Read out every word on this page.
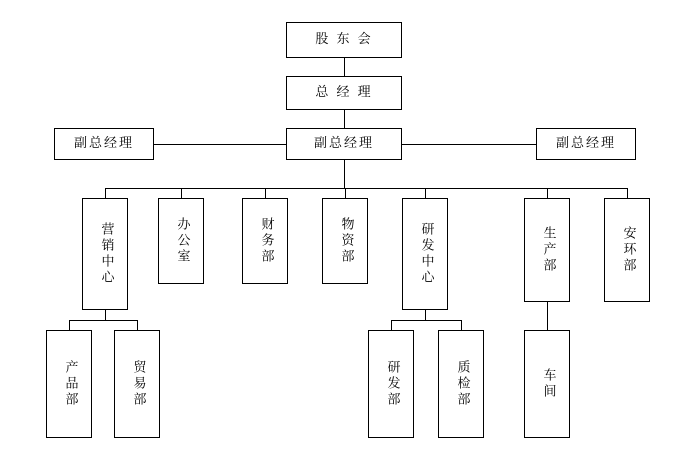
股 东 会
总 经 理
副总经理	副总经理	副总经理
营销中心	办公室	财务部	物资部	研发中心	生产部	安环部
产品部	贸易部	研发部	质检部	车间
